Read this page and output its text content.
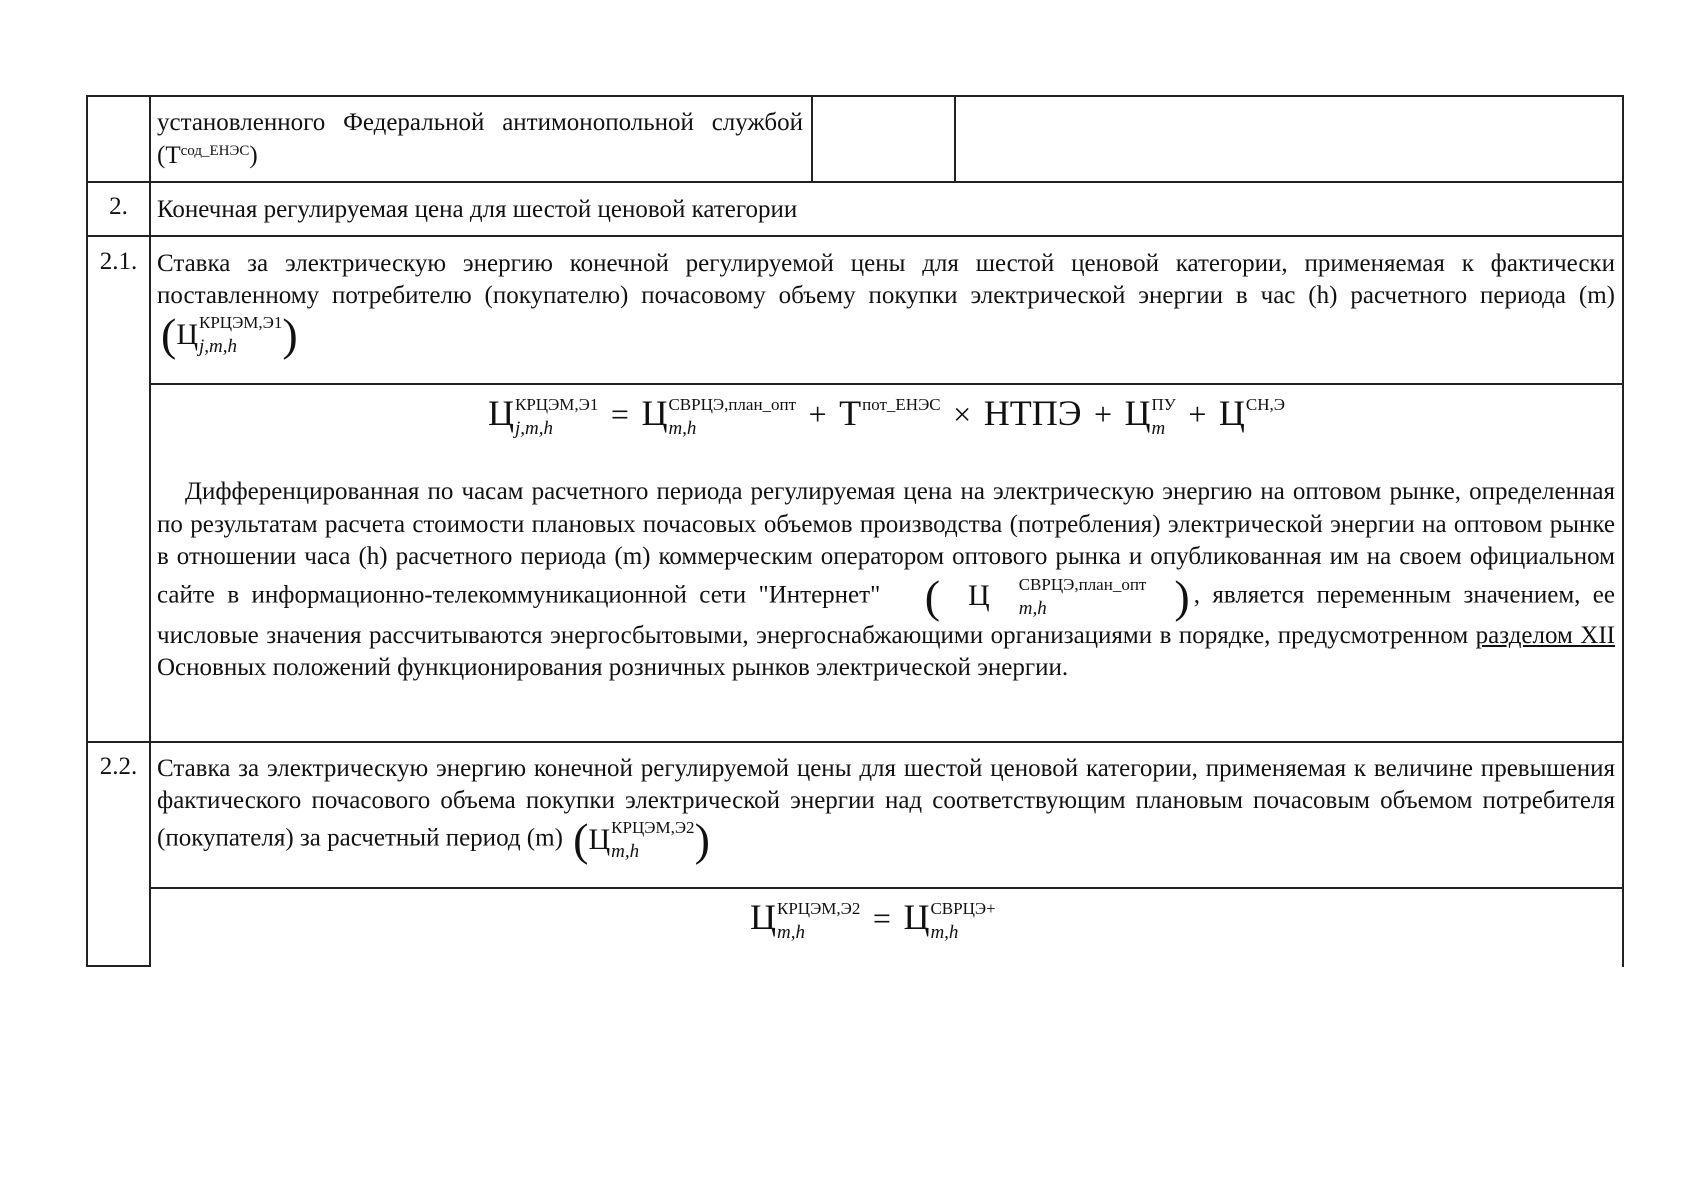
установленного Федеральной антимонопольной службой $(T^{сод\_ЕНЭС})$
2.	Конечная регулируемая цена для шестой ценовой категории
2.1. Ставка за электрическую энергию конечной регулируемой цены для шестой ценовой категории, применяемая к фактически поставленному потребителю (покупателю) почасовому объему покупки электрической энергии в час (h) расчетного периода (m)
( Ц КРЦЭМ,Э1
j,m,h )
Ц КРЦЭМ,Э1
j,m,h	= Ц СВРЦЭ,план_опт
m,h	+ T пот_ЕНЭС
× НТПЭ + Ц ПУ
m + Ц СН,Э

Дифференцированная по часам расчетного периода регулируемая цена на электрическую энергию на оптовом рынке, определенная по результатам расчета стоимости плановых почасовых объемов производства (потребления) электрической энергии на оптовом рынке в отношении часа (h) расчетного периода (m) коммерческим оператором оптового рынка и опубликованная им на своем официальном сайте в информационно-телекоммуникационной сети "Интернет" ( Ц	СВРЦЭ,план_опт
m,h	) , является переменным значением, ее числовые значения рассчитываются энергосбытовыми, энергоснабжающими организациями в порядке, предусмотренном разделом XII Основных положений функционирования розничных рынков электрической энергии.
2.2. Ставка за электрическую энергию конечной регулируемой цены для шестой ценовой категории, применяемая к величине превышения фактического почасового объема покупки электрической энергии над соответствующим плановым почасовым объемом потребителя (покупателя) за расчетный период (m) ( Ц КРЦЭМ,Э2
m,h	)
Ц КРЦЭМ,Э2
m,h	= Ц СВРЦЭ+
m,h
